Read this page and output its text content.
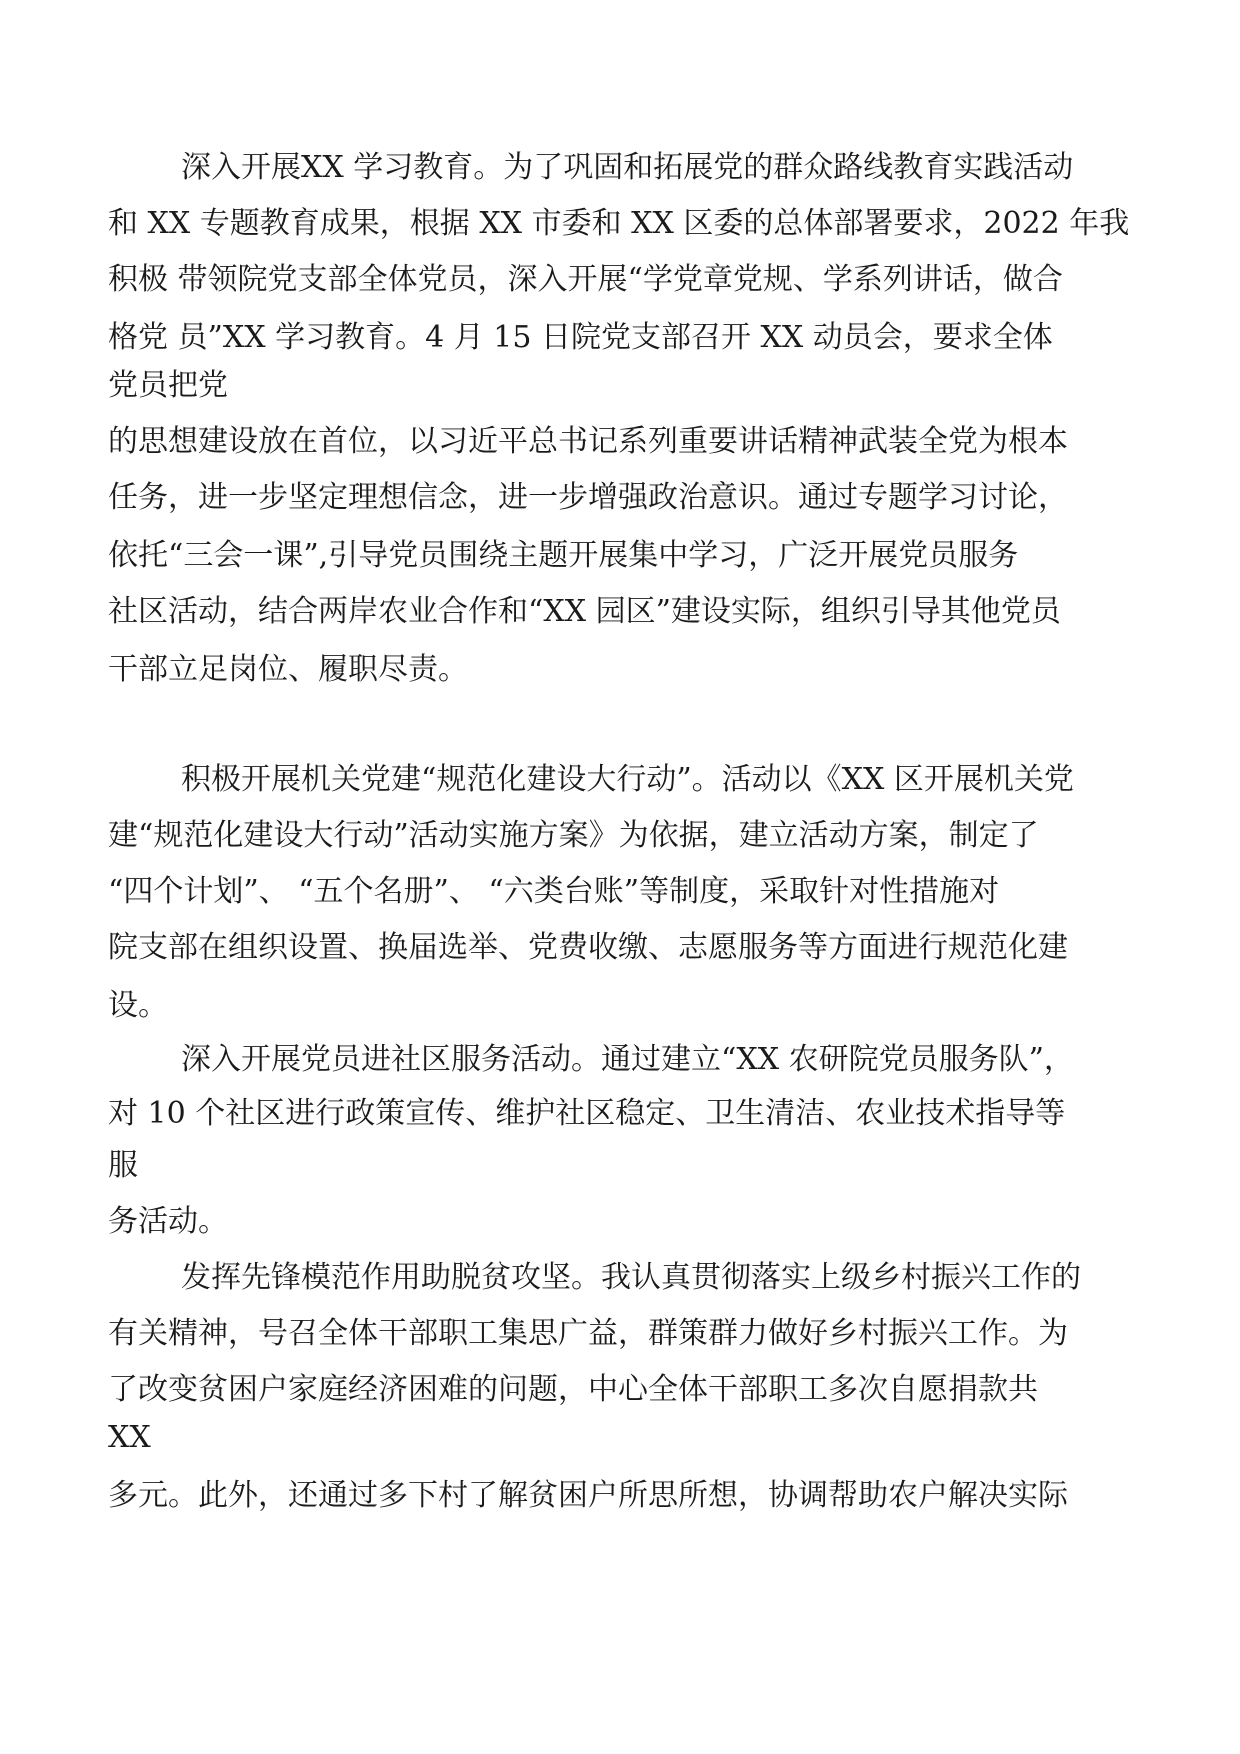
深入开展XX 学习教育。为了巩固和拓展党的群众路线教育实践活动

和 XX 专题教育成果，根据 XX 市委和 XX 区委的总体部署要求，2022 年我

积极 带领院党支部全体党员，深入开展“学党章党规、学系列讲话，做合

格党 员”XX 学习教育。4 月 15 日院党支部召开 XX 动员会，要求全体

党员把党

的思想建设放在首位，以习近平总书记系列重要讲话精神武装全党为根本

任务，进一步坚定理想信念，进一步增强政治意识。通过专题学习讨论，

依托“三会一课”,引导党员围绕主题开展集中学习，广泛开展党员服务

社区活动，结合两岸农业合作和“XX 园区”建设实际，组织引导其他党员

干部立足岗位、履职尽责。

积极开展机关党建“规范化建设大行动”。活动以《XX 区开展机关党

建“规范化建设大行动”活动实施方案》为依据，建立活动方案，制定了

“四个计划”、 “五个名册”、 “六类台账”等制度，采取针对性措施对

院支部在组织设置、换届选举、党费收缴、志愿服务等方面进行规范化建

设。

深入开展党员进社区服务活动。通过建立“XX 农研院党员服务队”，

对 10 个社区进行政策宣传、维护社区稳定、卫生清洁、农业技术指导等

服

务活动。

发挥先锋模范作用助脱贫攻坚。我认真贯彻落实上级乡村振兴工作的

有关精神，号召全体干部职工集思广益，群策群力做好乡村振兴工作。为

了改变贫困户家庭经济困难的问题，中心全体干部职工多次自愿捐款共

XX

多元。此外，还通过多下村了解贫困户所思所想，协调帮助农户解决实际
